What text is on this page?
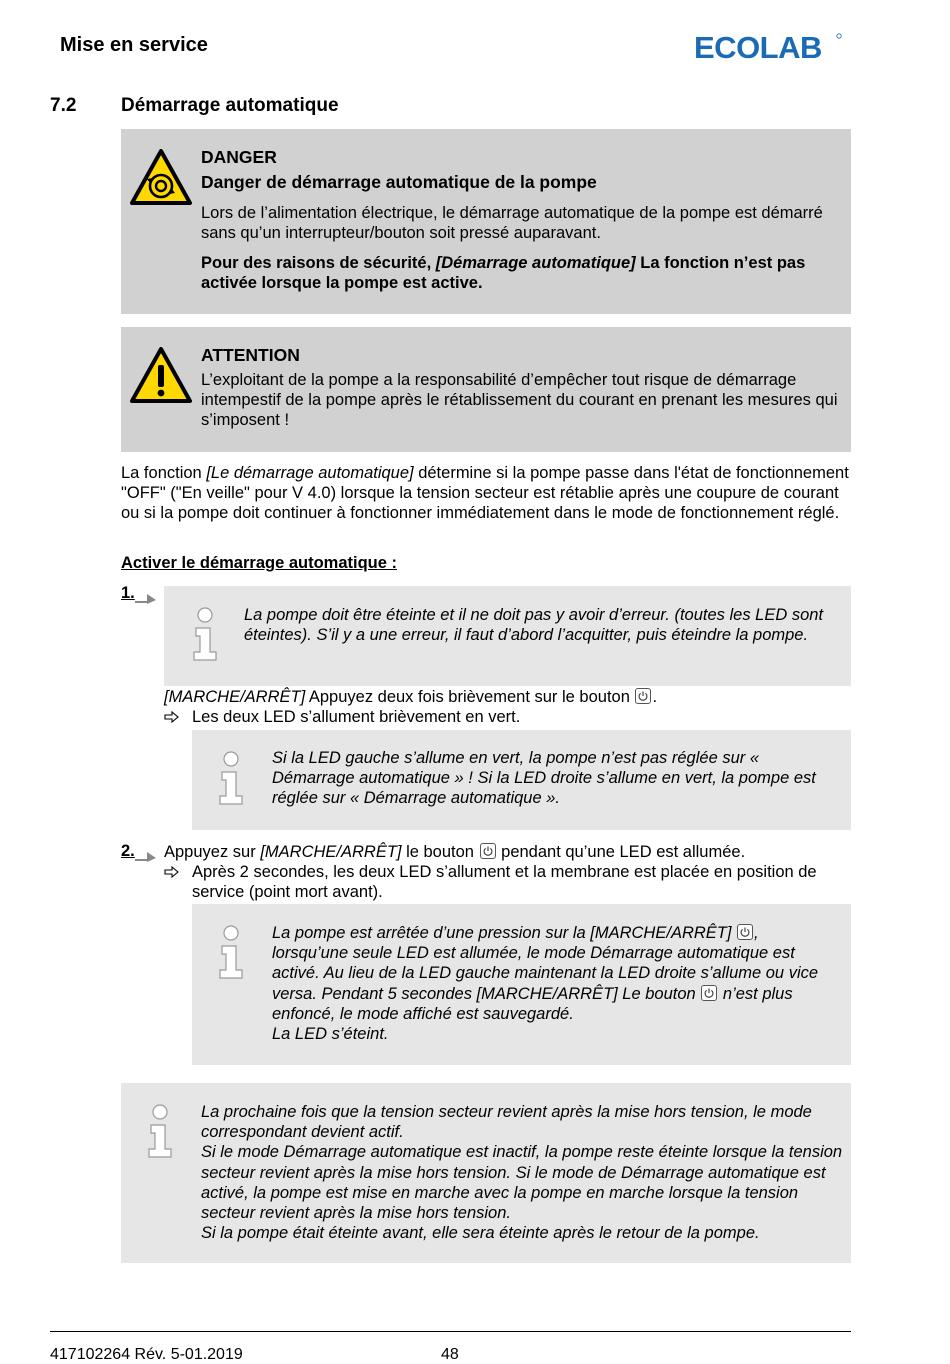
Mise en service	ECOLAB
7.2 Démarrage automatique
DANGER
Danger de démarrage automatique de la pompe
Lors de l’alimentation électrique, le démarrage automatique de la pompe est démarré sans qu’un interrupteur/bouton soit pressé auparavant.
Pour des raisons de sécurité, [Démarrage automatique] La fonction n’est pas activée lorsque la pompe est active.
ATTENTION
L’exploitant de la pompe a la responsabilité d’empêcher tout risque de démarrage intempestif de la pompe après le rétablissement du courant en prenant les mesures qui s’imposent !
La fonction [Le démarrage automatique] détermine si la pompe passe dans l'état de fonctionnement "OFF" ("En veille" pour V 4.0) lorsque la tension secteur est rétablie après une coupure de courant ou si la pompe doit continuer à fonctionner immédiatement dans le mode de fonctionnement réglé.
Activer le démarrage automatique :
1.
La pompe doit être éteinte et il ne doit pas y avoir d’erreur. (toutes les LED sont éteintes). S’il y a une erreur, il faut d’abord l’acquitter, puis éteindre la pompe.
[MARCHE/ARRÊT] Appuyez deux fois brièvement sur le bouton
.
Les deux LED s’allument brièvement en vert.
Si la LED gauche s’allume en vert, la pompe n’est pas réglée sur « Démarrage automatique » ! Si la LED droite s’allume en vert, la pompe est réglée sur « Démarrage automatique ».
2. Appuyez sur [MARCHE/ARRÊT] le bouton
pendant qu’une LED est allumée.
Après 2 secondes, les deux LED s’allument et la membrane est placée en position de service (point mort avant).
La pompe est arrêtée d’une pression sur la [MARCHE/ARRÊT]
, lorsqu’une seule LED est allumée, le mode Démarrage automatique est activé. Au lieu de la LED gauche maintenant la LED droite s’allume ou vice versa. Pendant 5 secondes [MARCHE/ARRÊT] Le bouton
n’est plus enfoncé, le mode affiché est sauvegardé.
La LED s’éteint.
La prochaine fois que la tension secteur revient après la mise hors tension, le mode correspondant devient actif.
Si le mode Démarrage automatique est inactif, la pompe reste éteinte lorsque la tension secteur revient après la mise hors tension. Si le mode de Démarrage automatique est activé, la pompe est mise en marche avec la pompe en marche lorsque la tension secteur revient après la mise hors tension.
Si la pompe était éteinte avant, elle sera éteinte après le retour de la pompe.
417102264 Rév. 5-01.2019	48
